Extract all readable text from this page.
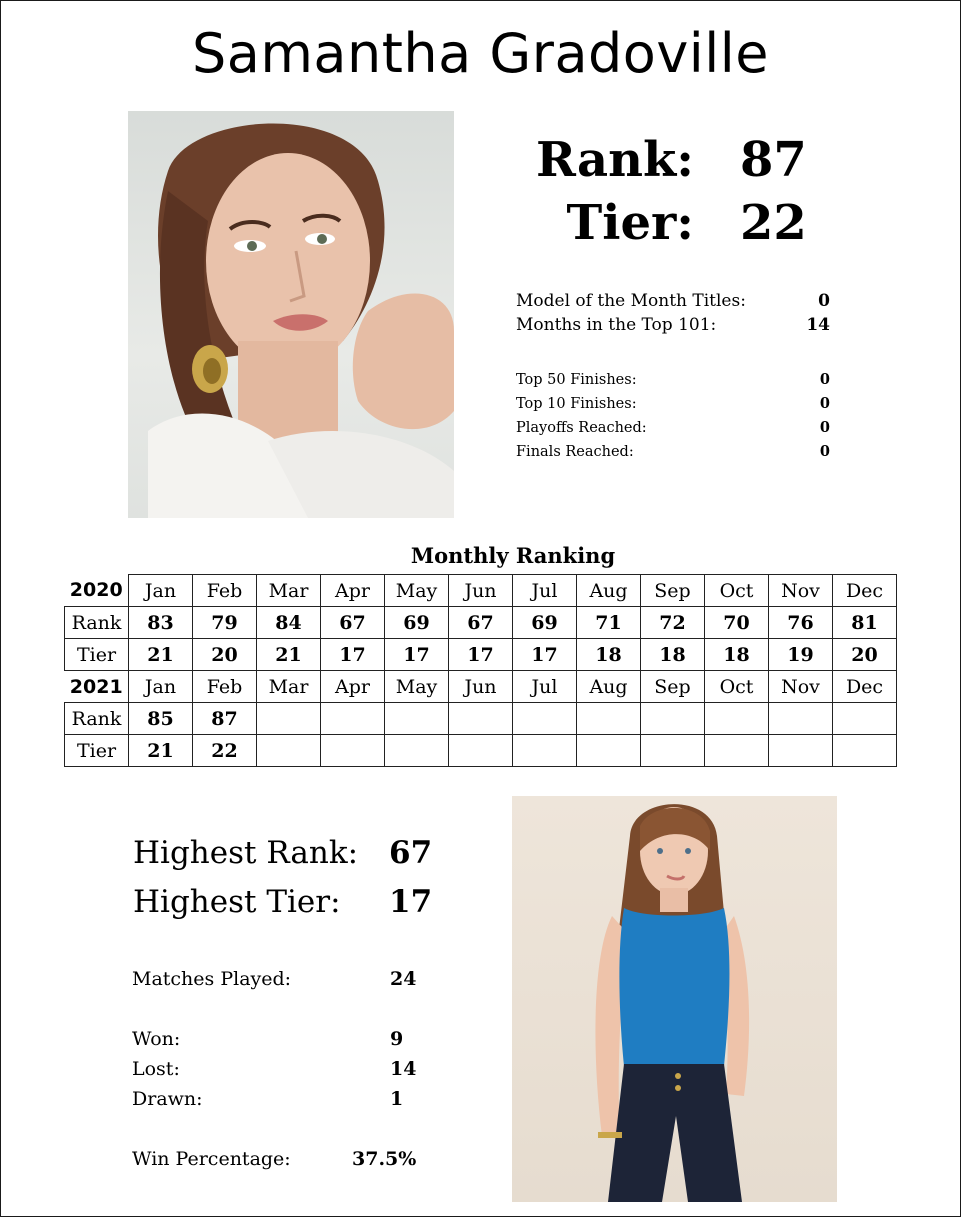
Samantha Gradoville
Rank: 87
Tier: 22
Model of the Month Titles:	0
Months in the Top 101:	14
Top 50 Finishes:	0
Top 10 Finishes:	0
Playoffs Reached:	0
Finals Reached:	0
Monthly Ranking
2020	Jan	Feb	Mar	Apr	May	Jun	Jul	Aug	Sep	Oct	Nov	Dec
Rank	83	79	84	67	69	67	69	71	72	70	76	81
Tier	21	20	21	17	17	17	17	18	18	18	19	20
2021	Jan	Feb	Mar	Apr	May	Jun	Jul	Aug	Sep	Oct	Nov	Dec
Rank	85	87										
Tier	21	22										
Highest Rank: 67
Highest Tier: 17
Matches Played:	24
Won:	9
Lost:	14
Drawn:	1
Win Percentage:	37.5%
